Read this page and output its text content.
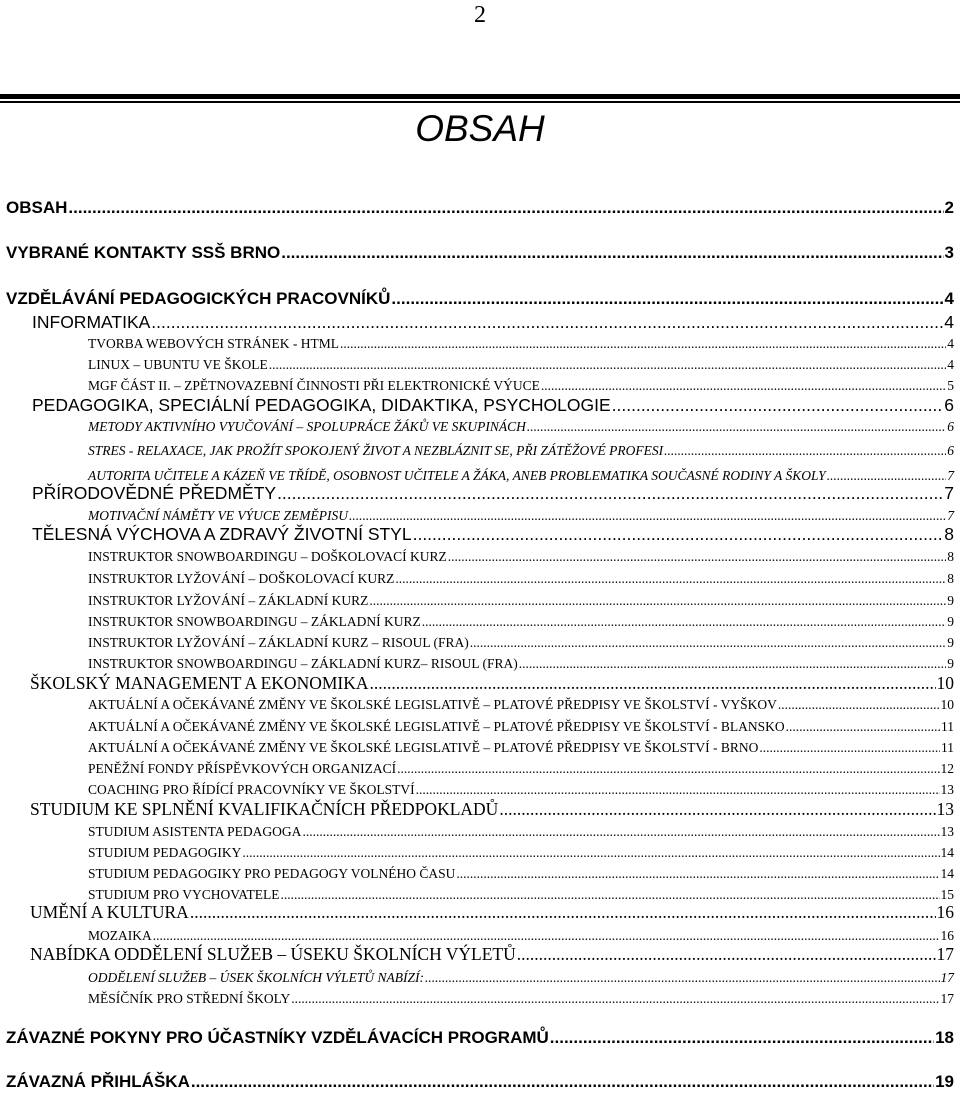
2
OBSAH
OBSAH .....	2
VYBRANÉ KONTAKTY SSŠ BRNO .....	3
VZDĚLÁVÁNÍ PEDAGOGICKÝCH PRACOVNÍKŮ .....	4
INFORMATIKA .....	4
TVORBA WEBOVÝCH STRÁNEK - HTML .....	4
LINUX – UBUNTU VE ŠKOLE .....	4
MGF ČÁST II. – ZPĚTNOVAZEBNÍ ČINNOSTI PŘI ELEKTRONICKÉ VÝUCE .....	5
PEDAGOGIKA, SPECIÁLNÍ PEDAGOGIKA, DIDAKTIKA, PSYCHOLOGIE .....	6
METODY AKTIVNÍHO VYUČOVÁNÍ – SPOLUPRÁCE ŽÁKŮ VE SKUPINÁCH .....	6
STRES - RELAXACE, JAK PROŽÍT SPOKOJENÝ ŽIVOT A NEZBLÁZNIT SE, PŘI ZÁTĚŽOVÉ PROFESI .....	6
AUTORITA UČITELE A KÁZEŇ VE TŘÍDĚ, OSOBNOST UČITELE A ŽÁKA, ANEB PROBLEMATIKA SOUČASNÉ RODINY A ŠKOLY .....	7
PŘÍRODOVĚDNÉ PŘEDMĚTY .....	7
MOTIVAČNÍ NÁMĚTY VE VÝUCE ZEMĚPISU .....	7
TĚLESNÁ VÝCHOVA A ZDRAVÝ ŽIVOTNÍ STYL .....	8
INSTRUKTOR SNOWBOARDINGU – DOŠKOLOVACÍ KURZ .....	8
INSTRUKTOR LYŽOVÁNÍ – DOŠKOLOVACÍ KURZ .....	8
INSTRUKTOR LYŽOVÁNÍ – ZÁKLADNÍ KURZ .....	9
INSTRUKTOR SNOWBOARDINGU – ZÁKLADNÍ KURZ .....	9
INSTRUKTOR LYŽOVÁNÍ – ZÁKLADNÍ KURZ – RISOUL (FRA) .....	9
INSTRUKTOR SNOWBOARDINGU – ZÁKLADNÍ KURZ– RISOUL (FRA) .....	9
ŠKOLSKÝ MANAGEMENT A EKONOMIKA .....	10
AKTUÁLNÍ A OČEKÁVANÉ ZMĚNY VE ŠKOLSKÉ LEGISLATIVĚ – PLATOVÉ PŘEDPISY VE ŠKOLSTVÍ - VYŠKOV .....	10
AKTUÁLNÍ A OČEKÁVANÉ ZMĚNY VE ŠKOLSKÉ LEGISLATIVĚ – PLATOVÉ PŘEDPISY VE ŠKOLSTVÍ - BLANSKO .....	11
AKTUÁLNÍ A OČEKÁVANÉ ZMĚNY VE ŠKOLSKÉ LEGISLATIVĚ – PLATOVÉ PŘEDPISY VE ŠKOLSTVÍ - BRNO .....	11
PENĚŽNÍ FONDY PŘÍSPĚVKOVÝCH ORGANIZACÍ .....	12
COACHING PRO ŘÍDÍCÍ PRACOVNÍKY VE ŠKOLSTVÍ .....	13
STUDIUM KE SPLNĚNÍ KVALIFIKAČNÍCH PŘEDPOKLADŮ .....	13
STUDIUM ASISTENTA PEDAGOGA .....	13
STUDIUM PEDAGOGIKY .....	14
STUDIUM PEDAGOGIKY PRO PEDAGOGY VOLNÉHO ČASU .....	14
STUDIUM PRO VYCHOVATELE .....	15
UMĚNÍ A KULTURA .....	16
MOZAIKA .....	16
NABÍDKA ODDĚLENÍ SLUŽEB – ÚSEKU ŠKOLNÍCH VÝLETŮ .....	17
ODDĚLENÍ SLUŽEB – ÚSEK ŠKOLNÍCH VÝLETŮ NABÍZÍ: .....	17
MĚSÍČNÍK PRO STŘEDNÍ ŠKOLY .....	17
ZÁVAZNÉ POKYNY PRO ÚČASTNÍKY VZDĚLÁVACÍCH PROGRAMŮ .....	18
ZÁVAZNÁ PŘIHLÁŠKA .....	19
